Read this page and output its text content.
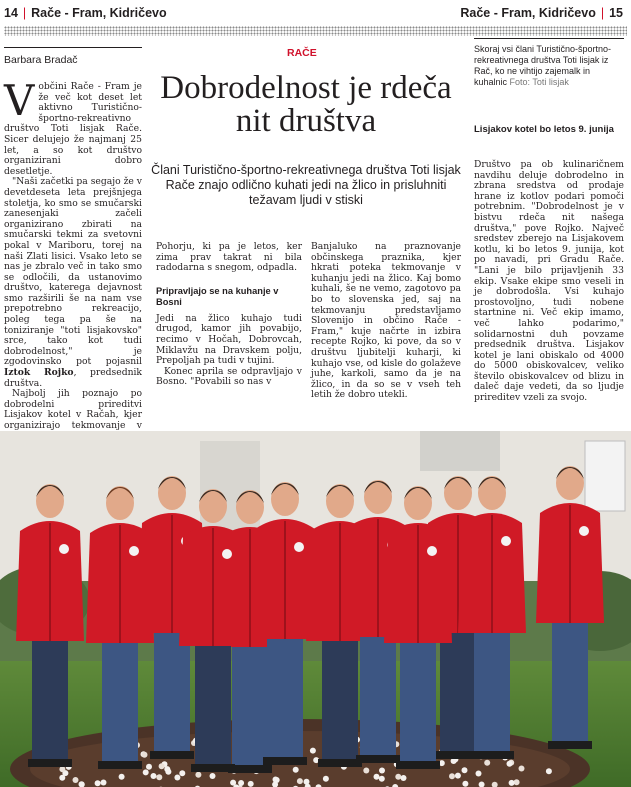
14 | Rače - Fram, Kidričevo	Rače - Fram, Kidričevo | 15
Barbara Bradač

Vobčini Rače - Fram je že več kot deset let aktivno Turistično-športno-rekreativno društvo Toti lisjak Rače. Sicer delujejo že najmanj 25 let, a so kot društvo organizirani dobro desetletje.

"Naši začetki pa segajo že v devetdeseta leta prejšnjega stoletja, ko smo se smučarski zanesenjaki začeli organizirano zbirati na smučarski tekmi za svetovni pokal v Mariboru, torej na naši Zlati lisici. Vsako leto se nas je zbralo več in tako smo se odločili, da ustanovimo društvo, katerega dejavnost smo razširili še na nam vse prepotrebno rekreacijo, poleg tega pa še na toniziranje "toti lisjakovsko" srce, tako kot tudi dobrodelnost," je zgodovinsko pot pojasnil Iztok Rojko, predsednik društva.

Najbolj jih poznajo po dobrodelni prireditvi Lisjakov kotel v Račah, kjer organizirajo tekmovanje v

RAČE
Dobrodelnost je rdeča nit društva
Člani Turistično-športno-rekreativnega društva Toti lisjak Rače znajo odlično kuhati jedi na žlico in prisluhniti težavam ljudi v stiski

Pohorju, ki pa je letos, ker zima prav takrat ni bila radodarna s snegom, odpadla.

Pripravljajo se na kuhanje v Bosni

Jedi na žlico kuhajo tudi drugod, kamor jih povabijo, recimo v Hočah, Dobrovcah, Miklavžu na Dravskem polju, Prepoljah pa tudi v tujini.

Konec aprila se odpravljajo v Bosno. "Povabili so nas v

Banjaluko na praznovanje občinskega praznika, kjer hkrati poteka tekmovanje v kuhanju jedi na žlico. Kaj bomo kuhali, še ne vemo, zagotovo pa bo to slovenska jed, saj na tekmovanju predstavljamo Slovenijo in občino Rače - Fram," kuje načrte in izbira recepte Rojko, ki pove, da so v društvu ljubitelji kuharji, ki kuhajo vse, od kisle do golaževe juhe, karkoli, samo da je na žlico, in da so se v vseh teh letih že dobro utekli.

Skoraj vsi člani Turistično-športno-rekreativnega društva Toti lisjak iz Rač, ko ne vihtijo zajemalk in kuhalnic Foto: Toti lisjak
Lisjakov kotel bo letos 9. junija

Društvo pa ob kulinaričnem navdihu deluje dobrodelno in zbrana sredstva od prodaje hrane iz kotlov podari pomoči potrebnim. "Dobrodelnost je v bistvu rdeča nit našega društva," pove Rojko. Največ sredstev zberejo na Lisjakovem kotlu, ki bo letos 9. junija, kot po navadi, pri Gradu Rače. "Lani je bilo prijavljenih 33 ekip. Vsake ekipe smo veseli in je dobrodošla. Vsi kuhajo prostovoljno, tudi nobene startnine ni. Več ekip imamo, več lahko podarimo," solidarnostni duh povzame predsednik društva. Lisjakov kotel je lani obiskalo od 4000 do 5000 obiskovalcev, veliko število obiskovalcev od blizu in daleč daje vedeti, da so ljudje prireditev vzeli za svojo.
